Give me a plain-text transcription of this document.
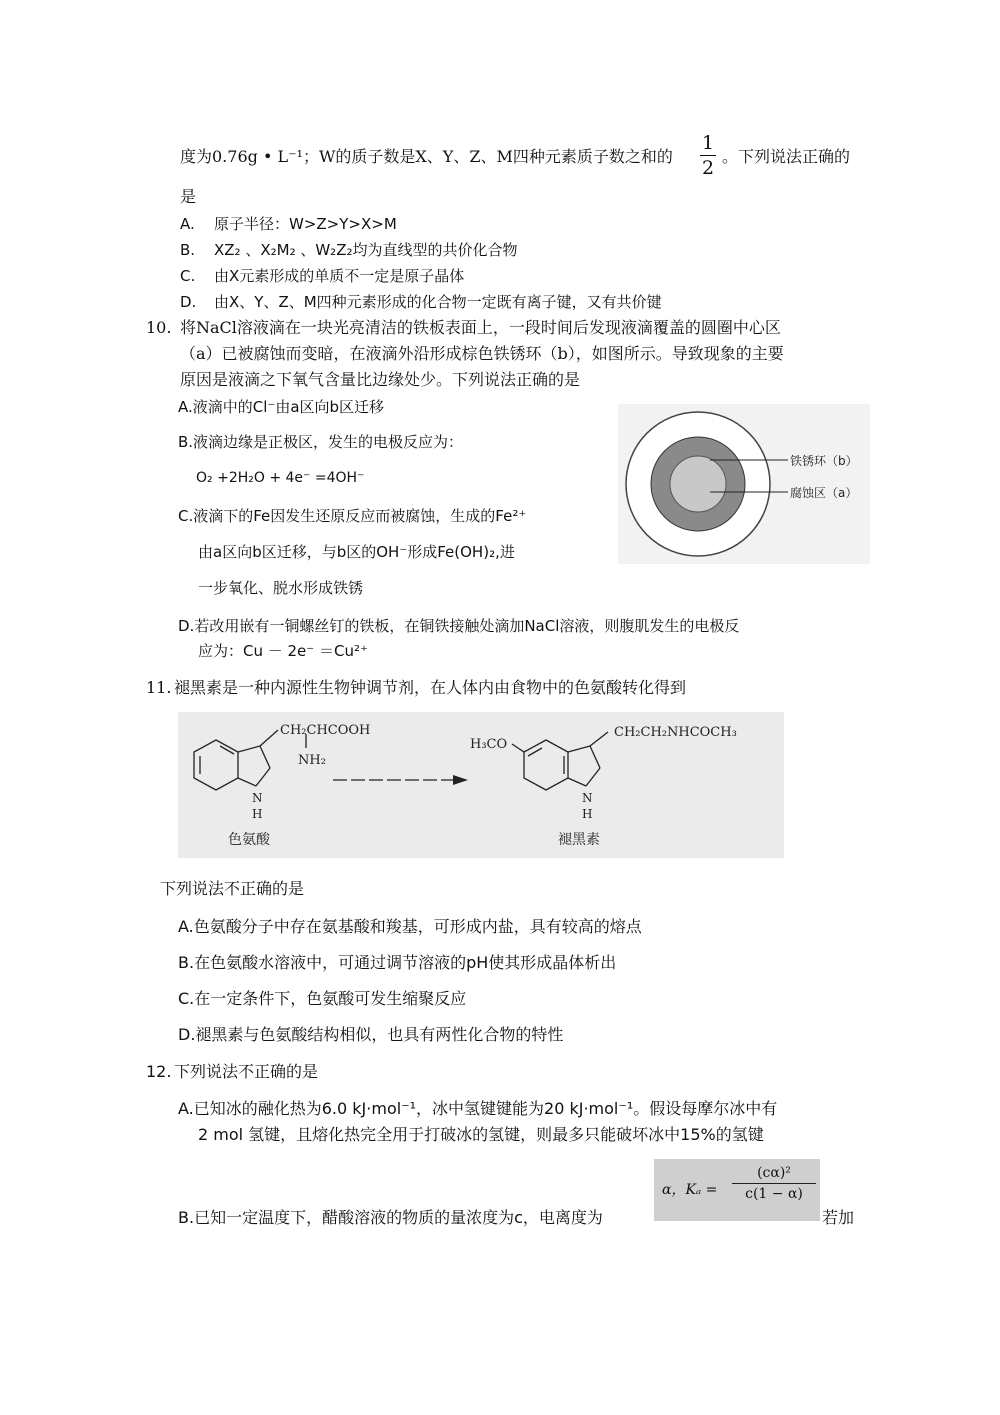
度为0.76g • L⁻¹；W的质子数是X、Y、Z、M四种元素质子数之和的
1
2
。下列说法正确的
是
A. 原子半径：W>Z>Y>X>M
B. XZ₂ 、X₂M₂ 、W₂Z₂均为直线型的共价化合物
C. 由X元素形成的单质不一定是原子晶体
D. 由X、Y、Z、M四种元素形成的化合物一定既有离子键，又有共价键
10. 将NaCl溶液滴在一块光亮清洁的铁板表面上，一段时间后发现液滴覆盖的圆圈中心区
（a）已被腐蚀而变暗，在液滴外沿形成棕色铁锈环（b），如图所示。导致现象的主要
原因是液滴之下氧气含量比边缘处少。下列说法正确的是
A.液滴中的Cl⁻由a区向b区迁移
B.液滴边缘是正极区，发生的电极反应为：
O₂ +2H₂O + 4e⁻ =4OH⁻
C.液滴下的Fe因发生还原反应而被腐蚀，生成的Fe²⁺
由a区向b区迁移，与b区的OH⁻形成Fe(OH)₂,进
一步氧化、脱水形成铁锈
D.若改用嵌有一铜螺丝钉的铁板，在铜铁接触处滴加NaCl溶液，则腹肌发生的电极反
应为：Cu － 2e⁻ ＝Cu²⁺
铁锈环（b）
腐蚀区（a）
11. 褪黑素是一种内源性生物钟调节剂，在人体内由食物中的色氨酸转化得到
CH₂CHCOOH
NH₂
N
H
色氨酸
H₃CO
CH₂CH₂NHCOCH₃
N
H
褪黑素
下列说法不正确的是
A.色氨酸分子中存在氨基酸和羧基，可形成内盐，具有较高的熔点
B.在色氨酸水溶液中，可通过调节溶液的pH使其形成晶体析出
C.在一定条件下，色氨酸可发生缩聚反应
D.褪黑素与色氨酸结构相似，也具有两性化合物的特性
12. 下列说法不正确的是
A.已知冰的融化热为6.0 kJ·mol⁻¹，冰中氢键键能为20 kJ·mol⁻¹。假设每摩尔冰中有
2 mol 氢键，且熔化热完全用于打破冰的氢键，则最多只能破坏冰中15%的氢键
B.已知一定温度下，醋酸溶液的物质的量浓度为c，电离度为
α，Kₐ =
(cα)²
c(1 − α)
若加
